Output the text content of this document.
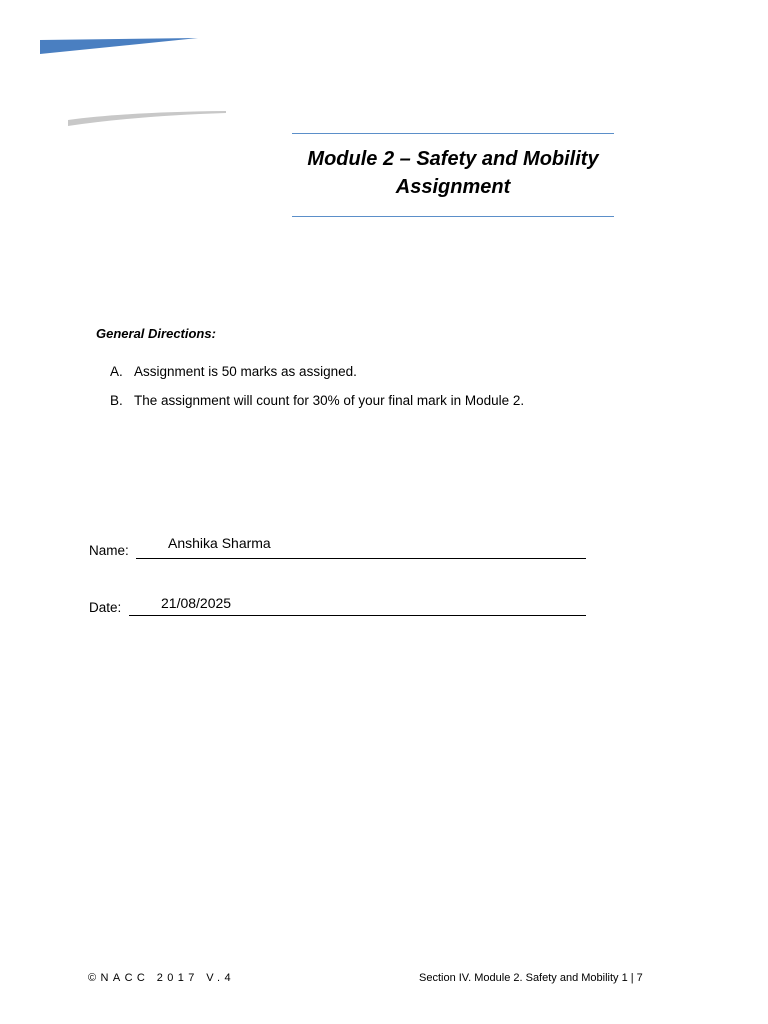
Module 2 – Safety and Mobility
Assignment

General Directions:

A. Assignment is 50 marks as assigned.
B. The assignment will count for 30% of your final mark in Module 2.
Name:	Anshika Sharma
Date:	21/08/2025
©NACC 2017 V.4	Section IV. Module 2. Safety and Mobility 1 | 7
